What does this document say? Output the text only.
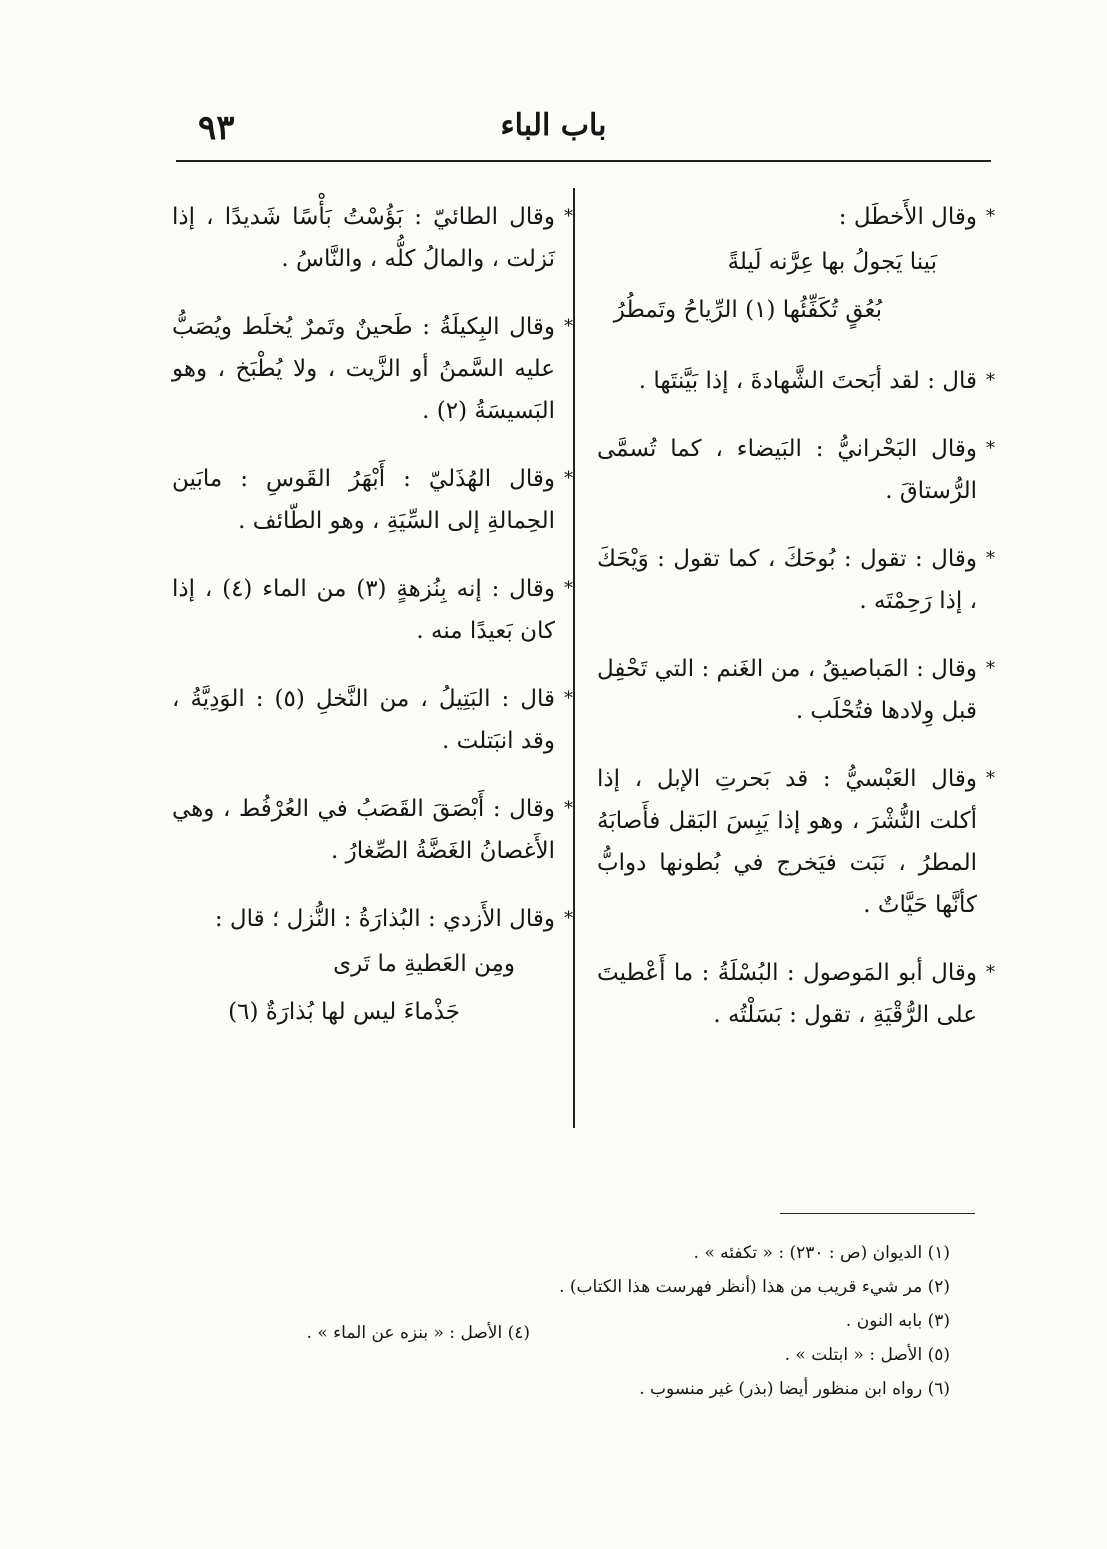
باب الباء
٩٣
*

وقال الأَخطَل :

بَينا يَجولُ بها عِرَّنه لَيلةً
بُعُقٍ تُكَفِّئُها (١) الرِّياحُ وتَمطُرُ
*

قال : لقد أبَحتَ الشَّهادةَ ، إذا بَيَّنتَها .

*

وقال البَحْرانيُّ : البَيضاء ، كما تُسمَّى الرُّستاقَ .

*

وقال : تقول : بُوحَكَ ، كما تقول : وَيْحَكَ ، إذا رَحِمْتَه .

*

وقال : المَباصيقُ ، من الغَنم : التي تَحْفِل قبل وِلادها فتُحْلَب .

*

وقال العَبْسيُّ : قد بَحرتِ الإبل ، إذا أكلت النُّشْرَ ، وهو إذا يَبِسَ البَقل فأَصابَهُ المطرُ ، نَبَت فيَخرج في بُطونها دوابُّ كأنَّها حَيَّاتٌ .

*

وقال أبو المَوصول : البُسْلَةُ : ما أَعْطيتَ على الرُّقْيَةِ ، تقول : بَسَلْتُه .

*

وقال الطائيّ : بَؤُسْتُ بَأْسًا شَديدًا ، إذا نَزلت ، والمالُ كلُّه ، والنَّاسُ .

*

وقال البِكيلَةُ : طَحينٌ وتَمرٌ يُخلَط ويُصَبُّ عليه السَّمنُ أو الزَّيت ، ولا يُطْبَخ ، وهو البَسيسَةُ (٢) .

*

وقال الهُذَليّ : أَبْهَرُ القَوسِ : مابَين الحِمالةِ إلى السِّيَةِ ، وهو الطّائف .

*

وقال : إنه بِنُزهةٍ (٣) من الماء (٤) ، إذا كان بَعيدًا منه .

*

قال : البَتِيلُ ، من النَّخلِ (٥) : الوَدِيَّةُ ، وقد انبَتلت .

*

وقال : أَبْصَقَ القَصَبُ في العُرْفُط ، وهي الأَغصانُ الغَضَّةُ الصِّغارُ .

*

وقال الأَزدي : البُذارَةُ : النُّزل ؛ قال :

ومِن العَطيةِ ما تَرى
جَذْماءَ ليس لها بُذارَةٌ (٦)
(١) الديوان (ص : ٢٣٠) : « تكفئه » .
(٢) مر شيء قريب من هذا (أنظر فهرست هذا الكتاب) .
(٣) بابه النون .
(٥) الأصل : « ابتلت » .
(٦) رواه ابن منظور أيضا (بذر) غير منسوب .
(٤) الأصل : « بنزه عن الماء » .
